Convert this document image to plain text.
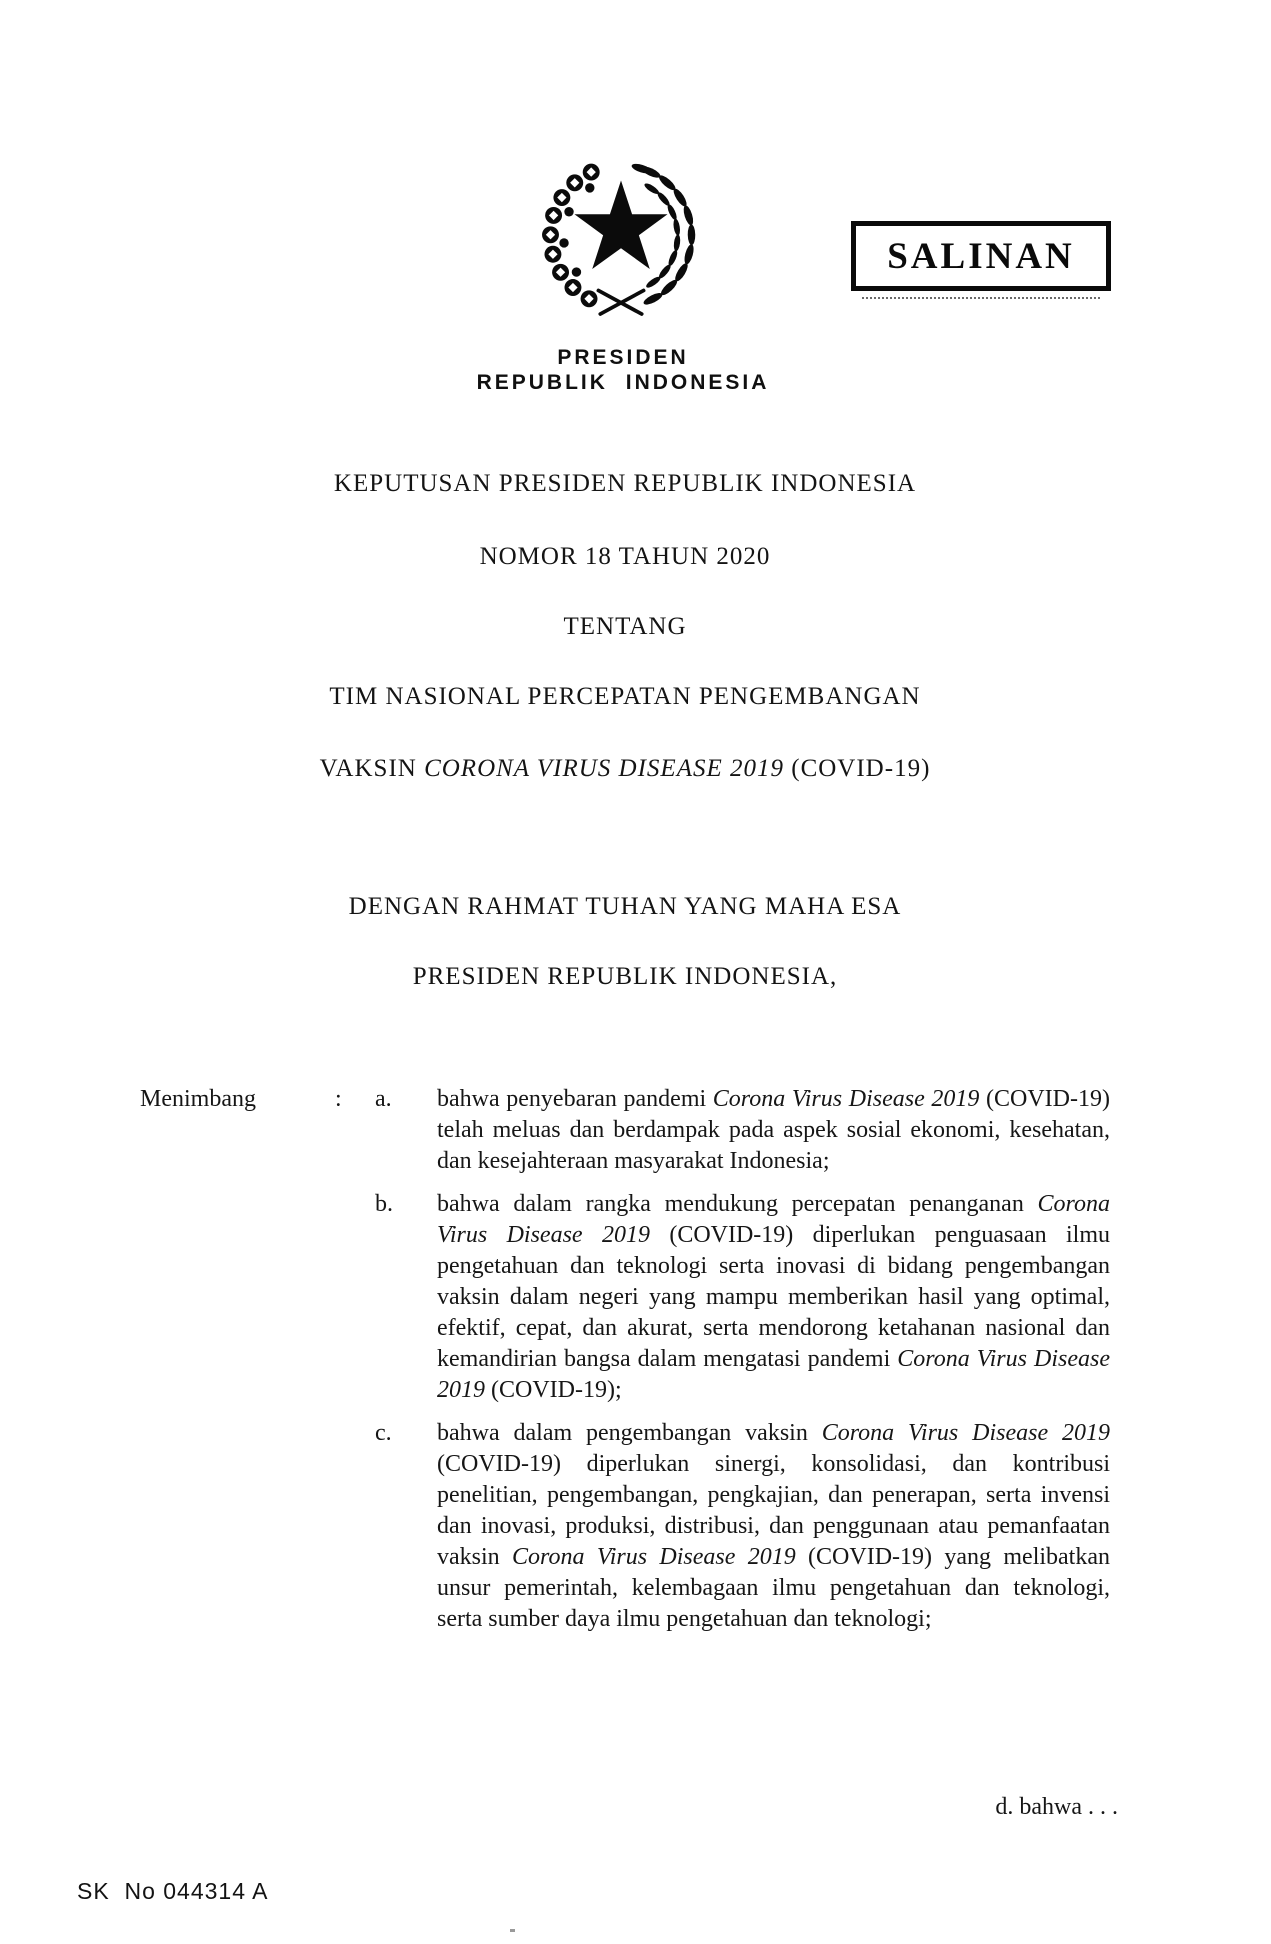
SALINAN
PRESIDEN
REPUBLIK INDONESIA
KEPUTUSAN PRESIDEN REPUBLIK INDONESIA
NOMOR 18 TAHUN 2020
TENTANG
TIM NASIONAL PERCEPATAN PENGEMBANGAN
VAKSIN CORONA VIRUS DISEASE 2019 (COVID-19)
DENGAN RAHMAT TUHAN YANG MAHA ESA
PRESIDEN REPUBLIK INDONESIA,
Menimbang	: a.	bahwa penyebaran pandemi Corona Virus Disease 2019 (COVID-19) telah meluas dan berdampak pada aspek sosial ekonomi, kesehatan, dan kesejahteraan masyarakat Indonesia;
b.	bahwa dalam rangka mendukung percepatan penanganan Corona Virus Disease 2019 (COVID-19) diperlukan penguasaan ilmu pengetahuan dan teknologi serta inovasi di bidang pengembangan vaksin dalam negeri yang mampu memberikan hasil yang optimal, efektif, cepat, dan akurat, serta mendorong ketahanan nasional dan kemandirian bangsa dalam mengatasi pandemi Corona Virus Disease 2019 (COVID-19);
c.	bahwa dalam pengembangan vaksin Corona Virus Disease 2019 (COVID-19) diperlukan sinergi, konsolidasi, dan kontribusi penelitian, pengembangan, pengkajian, dan penerapan, serta invensi dan inovasi, produksi, distribusi, dan penggunaan atau pemanfaatan vaksin Corona Virus Disease 2019 (COVID-19) yang melibatkan unsur pemerintah, kelembagaan ilmu pengetahuan dan teknologi, serta sumber daya ilmu pengetahuan dan teknologi;
d. bahwa . . .
SK  No 044314 A
